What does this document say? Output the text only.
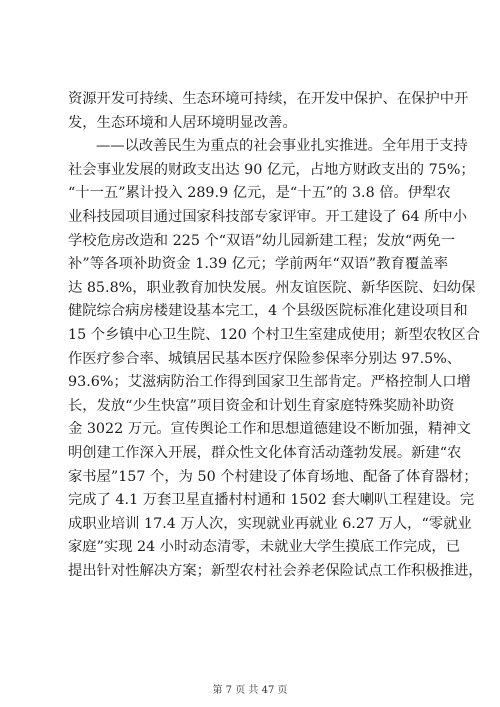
资源开发可持续、生态环境可持续，在开发中保护、在保护中开
发，生态环境和人居环境明显改善。
——以改善民生为重点的社会事业扎实推进。全年用于支持
社会事业发展的财政支出达 90 亿元，占地方财政支出的 75%；
“十一五”累计投入 289.9 亿元，是“十五”的 3.8 倍。伊犁农
业科技园项目通过国家科技部专家评审。开工建设了 64 所中小
学校危房改造和 225 个“双语”幼儿园新建工程；发放“两免一
补”等各项补助资金 1.39 亿元；学前两年“双语”教育覆盖率
达 85.8%，职业教育加快发展。州友谊医院、新华医院、妇幼保
健院综合病房楼建设基本完工，4 个县级医院标准化建设项目和
15 个乡镇中心卫生院、120 个村卫生室建成使用；新型农牧区合
作医疗参合率、城镇居民基本医疗保险参保率分别达 97.5%、
93.6%；艾滋病防治工作得到国家卫生部肯定。严格控制人口增
长，发放“少生快富”项目资金和计划生育家庭特殊奖励补助资
金 3022 万元。宣传舆论工作和思想道德建设不断加强，精神文
明创建工作深入开展，群众性文化体育活动蓬勃发展。新建“农
家书屋”157 个，为 50 个村建设了体育场地、配备了体育器材；
完成了 4.1 万套卫星直播村村通和 1502 套大喇叭工程建设。完
成职业培训 17.4 万人次，实现就业再就业 6.27 万人，“零就业
家庭”实现 24 小时动态清零，未就业大学生摸底工作完成，已
提出针对性解决方案；新型农村社会养老保险试点工作积极推进，
第 7 页 共 47 页
